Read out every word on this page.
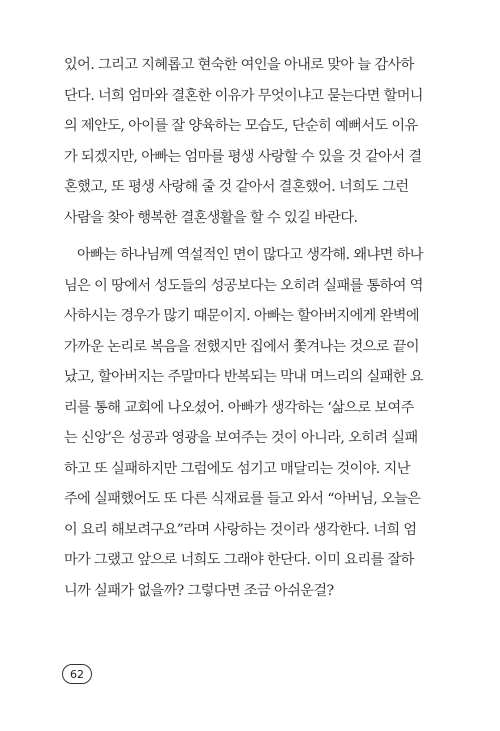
있어. 그리고 지혜롭고 현숙한 여인을 아내로 맞아 늘 감사하
단다. 너희 엄마와 결혼한 이유가 무엇이냐고 묻는다면 할머니
의 제안도, 아이를 잘 양육하는 모습도, 단순히 예뻐서도 이유
가 되겠지만, 아빠는 엄마를 평생 사랑할 수 있을 것 같아서 결
혼했고, 또 평생 사랑해 줄 것 같아서 결혼했어. 너희도 그런
사람을 찾아 행복한 결혼생활을 할 수 있길 바란다.
아빠는 하나님께 역설적인 면이 많다고 생각해. 왜냐면 하나
님은 이 땅에서 성도들의 성공보다는 오히려 실패를 통하여 역
사하시는 경우가 많기 때문이지. 아빠는 할아버지에게 완벽에
가까운 논리로 복음을 전했지만 집에서 쫓겨나는 것으로 끝이
났고, 할아버지는 주말마다 반복되는 막내 며느리의 실패한 요
리를 통해 교회에 나오셨어. 아빠가 생각하는 ‘삶으로 보여주
는 신앙’은 성공과 영광을 보여주는 것이 아니라, 오히려 실패
하고 또 실패하지만 그럼에도 섬기고 매달리는 것이야. 지난
주에 실패했어도 또 다른 식재료를 들고 와서 “아버님, 오늘은
이 요리 해보려구요”라며 사랑하는 것이라 생각한다. 너희 엄
마가 그랬고 앞으로 너희도 그래야 한단다. 이미 요리를 잘하
니까 실패가 없을까? 그렇다면 조금 아쉬운걸?
62
